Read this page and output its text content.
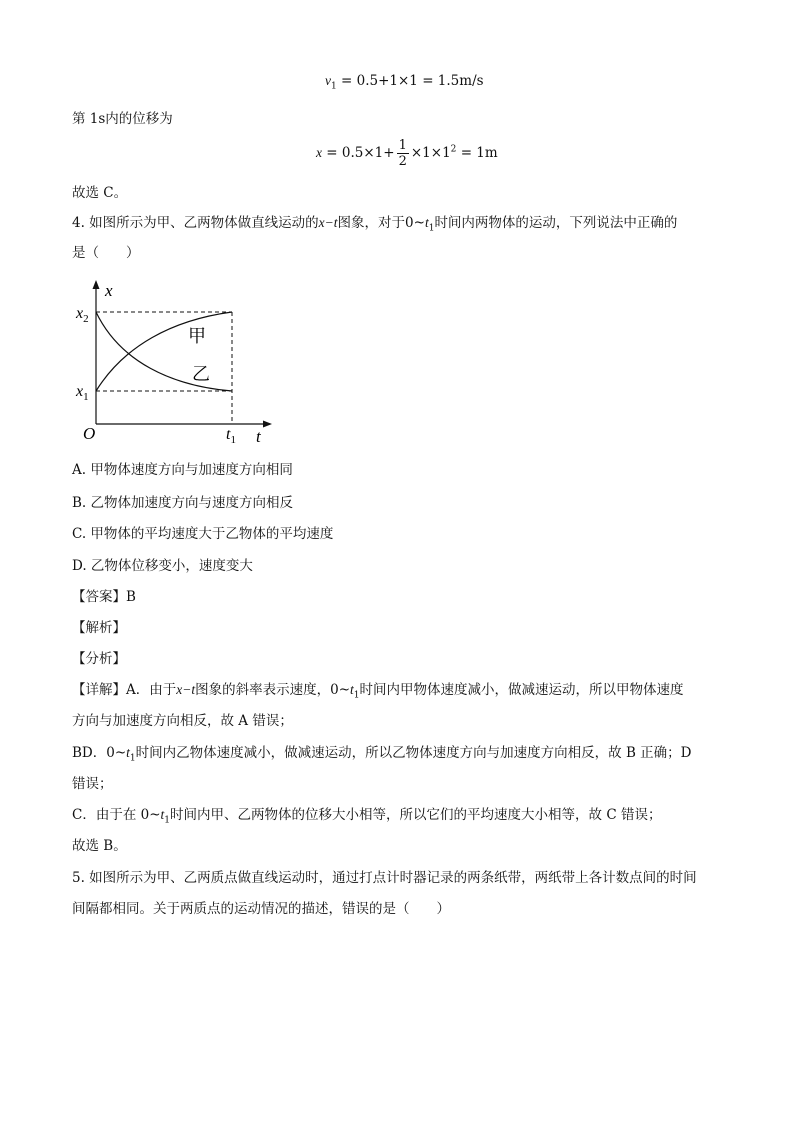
$v_1 = 0.5+1\times 1 = 1.5m/s$
第 1s内的位移为
$x = 0.5\times 1+ \frac{1}{2} \times 1\times 1^2 = 1m$
故选 C。
4. 如图所示为甲、乙两物体做直线运动的x−t图象，对于$0\sim t_1$时间内两物体的运动，下列说法中正确的
是（　　）
x
t
$x_2$
$x_1$
O	$t_1$
甲
乙
A. 甲物体速度方向与加速度方向相同
B. 乙物体加速度方向与速度方向相反
C. 甲物体的平均速度大于乙物体的平均速度
D. 乙物体位移变小，速度变大
【答案】B
【解析】
【分析】
【详解】A．由于x−t图象的斜率表示速度，$0\sim t_1$时间内甲物体速度减小，做减速运动，所以甲物体速度
方向与加速度方向相反，故 A 错误；
BD．$0\sim t_1$时间内乙物体速度减小，做减速运动，所以乙物体速度方向与加速度方向相反，故 B 正确；D
错误；
C．由于在 $0\sim t_1$时间内甲、乙两物体的位移大小相等，所以它们的平均速度大小相等，故 C 错误；
故选 B。
5. 如图所示为甲、乙两质点做直线运动时，通过打点计时器记录的两条纸带，两纸带上各计数点间的时间
间隔都相同。关于两质点的运动情况的描述，错误的是（　　）
